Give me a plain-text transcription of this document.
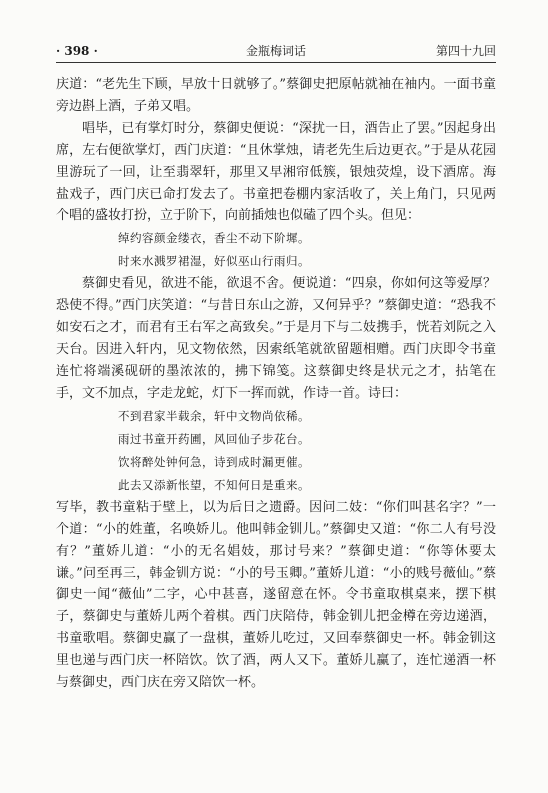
· 398 ·	金瓶梅词话	第四十九回

庆道：“老先生下顾，早放十日就够了。”蔡御史把原帖就袖在袖内。一面书童旁边斟上酒，子弟又唱。

唱毕，已有掌灯时分，蔡御史便说：“深扰一日，酒告止了罢。”因起身出席，左右便欲掌灯，西门庆道：“且休掌烛，请老先生后边更衣。”于是从花园里游玩了一回，让至翡翠轩，那里又早湘帘低簇，银烛荧煌，设下酒席。海盐戏子，西门庆已命打发去了。书童把卷棚内家活收了，关上角门，只见两个唱的盛妆打扮，立于阶下，向前插烛也似磕了四个头。但见：

绰约容颜金缕衣，香尘不动下阶墀。
时来水溅罗裙湿，好似巫山行雨归。

蔡御史看见，欲进不能，欲退不舍。便说道：“四泉，你如何这等爱厚？恐使不得。”西门庆笑道：“与昔日东山之游，又何异乎？”蔡御史道：“恐我不如安石之才，而君有王右军之高致矣。”于是月下与二妓携手，恍若刘阮之入天台。因进入轩内，见文物依然，因索纸笔就欲留题相赠。西门庆即令书童连忙将端溪砚研的墨浓浓的，拂下锦笺。这蔡御史终是状元之才，拈笔在手，文不加点，字走龙蛇，灯下一挥而就，作诗一首。诗曰：

不到君家半载余，轩中文物尚依稀。
雨过书童开药圃，风回仙子步花台。
饮将醉处钟何急，诗到成时漏更催。
此去又添新怅望，不知何日是重来。

写毕，教书童粘于壁上，以为后日之遗爵。因问二妓：“你们叫甚名字？”一个道：“小的姓董，名唤娇儿。他叫韩金钏儿。”蔡御史又道：“你二人有号没有？”董娇儿道：“小的无名娼妓，那讨号来？”蔡御史道：“你等休要太谦。”问至再三，韩金钏方说：“小的号玉卿。”董娇儿道：“小的贱号薇仙。”蔡御史一闻“薇仙”二字，心中甚喜，遂留意在怀。令书童取棋桌来，摆下棋子，蔡御史与董娇儿两个着棋。西门庆陪侍，韩金钏儿把金樽在旁边递酒，书童歌唱。蔡御史赢了一盘棋，董娇儿吃过，又回奉蔡御史一杯。韩金钏这里也递与西门庆一杯陪饮。饮了酒，两人又下。董娇儿赢了，连忙递酒一杯与蔡御史，西门庆在旁又陪饮一杯。
